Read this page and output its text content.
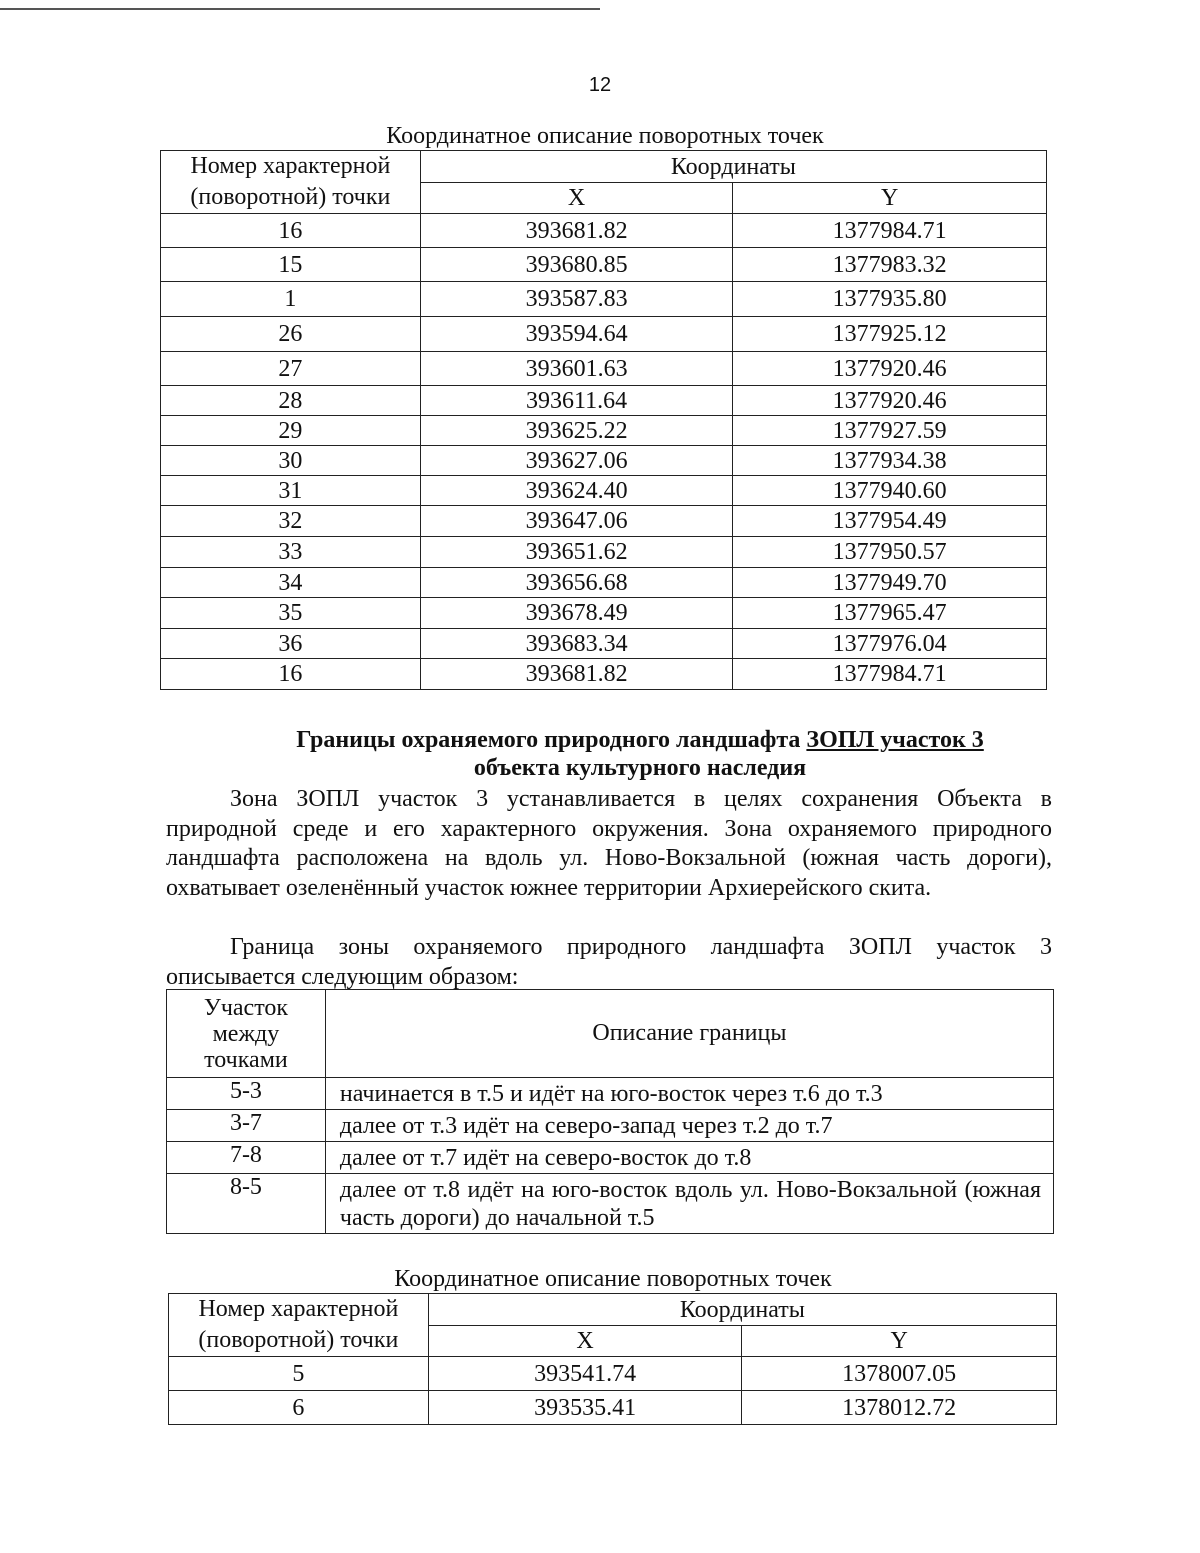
12
Координатное описание поворотных точек
Номер характерной
(поворотной) точки	Координаты	
	X	Y
16	393681.82	1377984.71
15	393680.85	1377983.32
1	393587.83	1377935.80
26	393594.64	1377925.12
27	393601.63	1377920.46
28	393611.64	1377920.46
29	393625.22	1377927.59
30	393627.06	1377934.38
31	393624.40	1377940.60
32	393647.06	1377954.49
33	393651.62	1377950.57
34	393656.68	1377949.70
35	393678.49	1377965.47
36	393683.34	1377976.04
16	393681.82	1377984.71
Границы охраняемого природного ландшафта ЗОПЛ участок 3
объекта культурного наследия

Зона ЗОПЛ участок 3 устанавливается в целях сохранения Объекта в природной среде и его характерного окружения. Зона охраняемого природного ландшафта расположена на вдоль ул. Ново-Вокзальной (южная часть дороги), охватывает озеленённый участок южнее территории Архиерейского скита.

Граница зоны охраняемого природного ландшафта ЗОПЛ участок 3 описывается следующим образом:

Участок
между
точками	Описание границы
5-3	начинается в т.5 и идёт на юго-восток через т.6 до т.3
3-7	далее от т.3 идёт на северо-запад через т.2 до т.7
7-8	далее от т.7 идёт на северо-восток до т.8
8-5	далее от т.8 идёт на юго-восток вдоль ул. Ново-Вокзальной (южная часть дороги) до начальной т.5
Координатное описание поворотных точек
Номер характерной
(поворотной) точки	Координаты	
	X	Y
5	393541.74	1378007.05
6	393535.41	1378012.72
